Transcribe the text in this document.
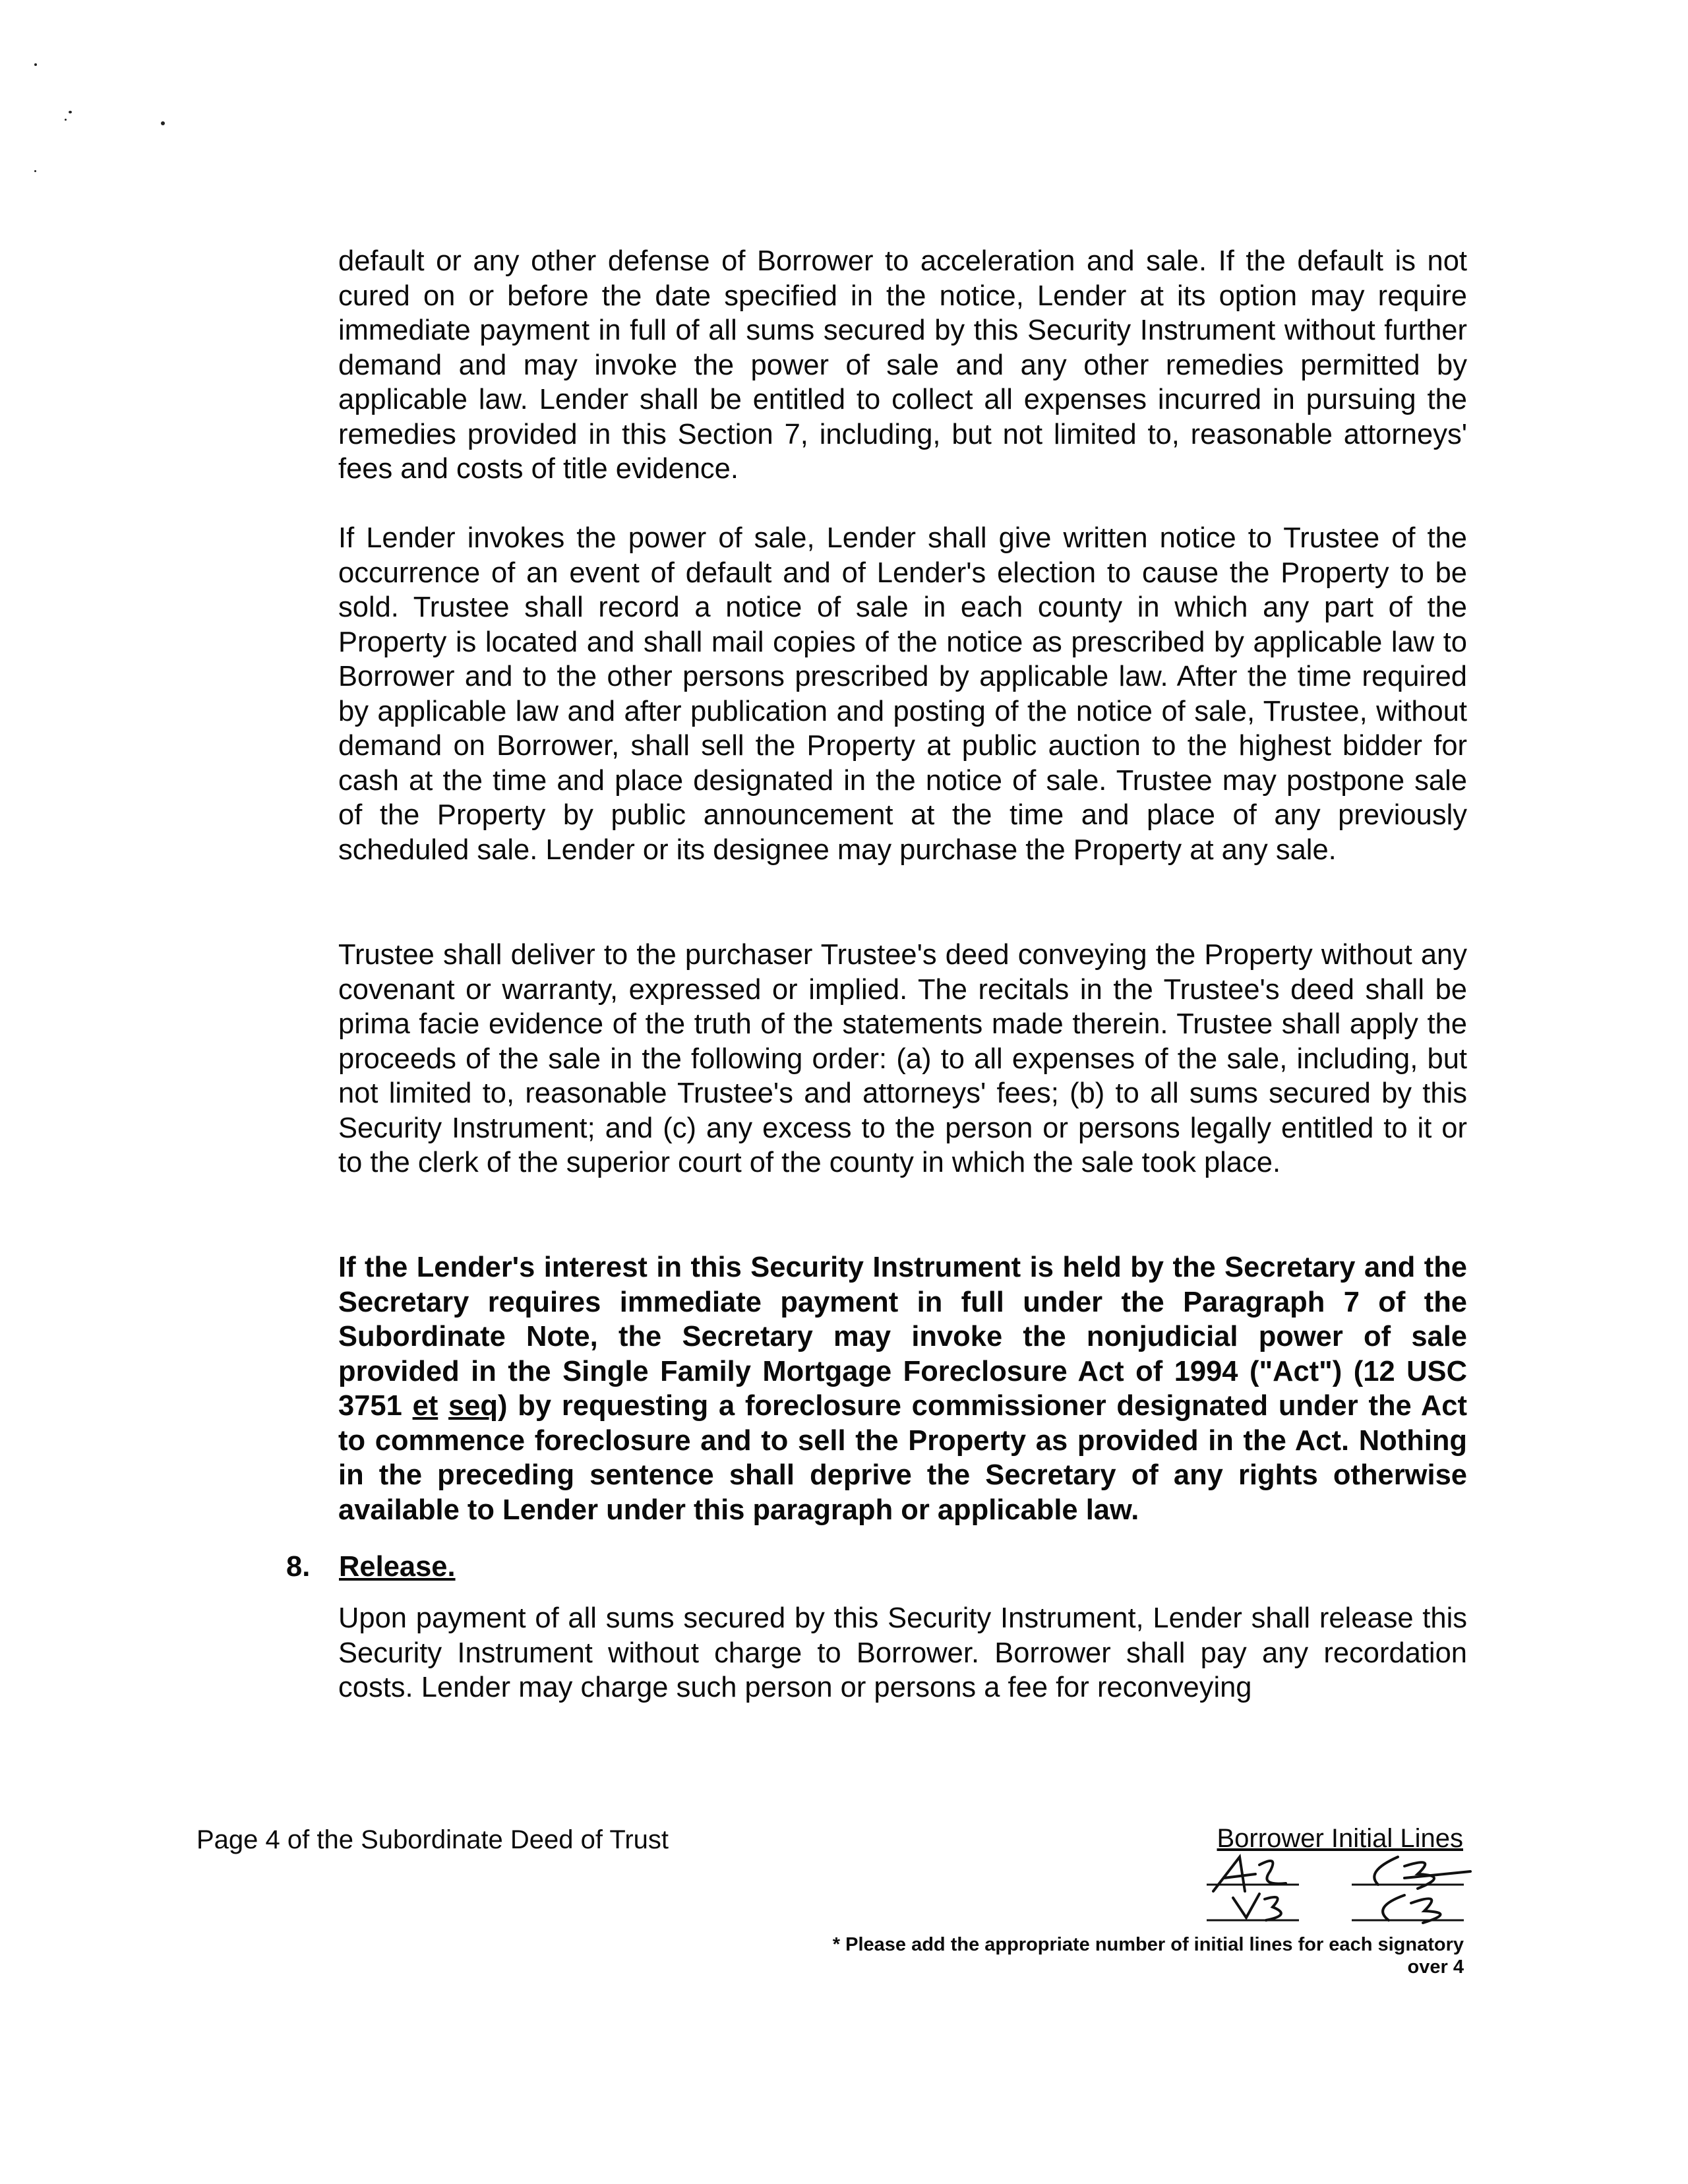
default or any other defense of Borrower to acceleration and sale. If the default is not cured on or before the date specified in the notice, Lender at its option may require immediate payment in full of all sums secured by this Security Instrument without further demand and may invoke the power of sale and any other remedies permitted by applicable law. Lender shall be entitled to collect all expenses incurred in pursuing the remedies provided in this Section 7, including, but not limited to, reasonable attorneys' fees and costs of title evidence.

If Lender invokes the power of sale, Lender shall give written notice to Trustee of the occurrence of an event of default and of Lender's election to cause the Property to be sold. Trustee shall record a notice of sale in each county in which any part of the Property is located and shall mail copies of the notice as prescribed by applicable law to Borrower and to the other persons prescribed by applicable law. After the time required by applicable law and after publication and posting of the notice of sale, Trustee, without demand on Borrower, shall sell the Property at public auction to the highest bidder for cash at the time and place designated in the notice of sale. Trustee may postpone sale of the Property by public announcement at the time and place of any previously scheduled sale. Lender or its designee may purchase the Property at any sale.

Trustee shall deliver to the purchaser Trustee's deed conveying the Property without any covenant or warranty, expressed or implied. The recitals in the Trustee's deed shall be prima facie evidence of the truth of the statements made therein. Trustee shall apply the proceeds of the sale in the following order: (a) to all expenses of the sale, including, but not limited to, reasonable Trustee's and attorneys' fees; (b) to all sums secured by this Security Instrument; and (c) any excess to the person or persons legally entitled to it or to the clerk of the superior court of the county in which the sale took place.

If the Lender's interest in this Security Instrument is held by the Secretary and the Secretary requires immediate payment in full under the Paragraph 7 of the Subordinate Note, the Secretary may invoke the nonjudicial power of sale provided in the Single Family Mortgage Foreclosure Act of 1994 ("Act") (12 USC 3751 et seq) by requesting a foreclosure commissioner designated under the Act to commence foreclosure and to sell the Property as provided in the Act. Nothing in the preceding sentence shall deprive the Secretary of any rights otherwise available to Lender under this paragraph or applicable law.

8. Release.

Upon payment of all sums secured by this Security Instrument, Lender shall release this Security Instrument without charge to Borrower. Borrower shall pay any recordation costs. Lender may charge such person or persons a fee for reconveying

Page 4 of the Subordinate Deed of Trust	Borrower Initial Lines
* Please add the appropriate number of initial lines for each signatory
over 4
